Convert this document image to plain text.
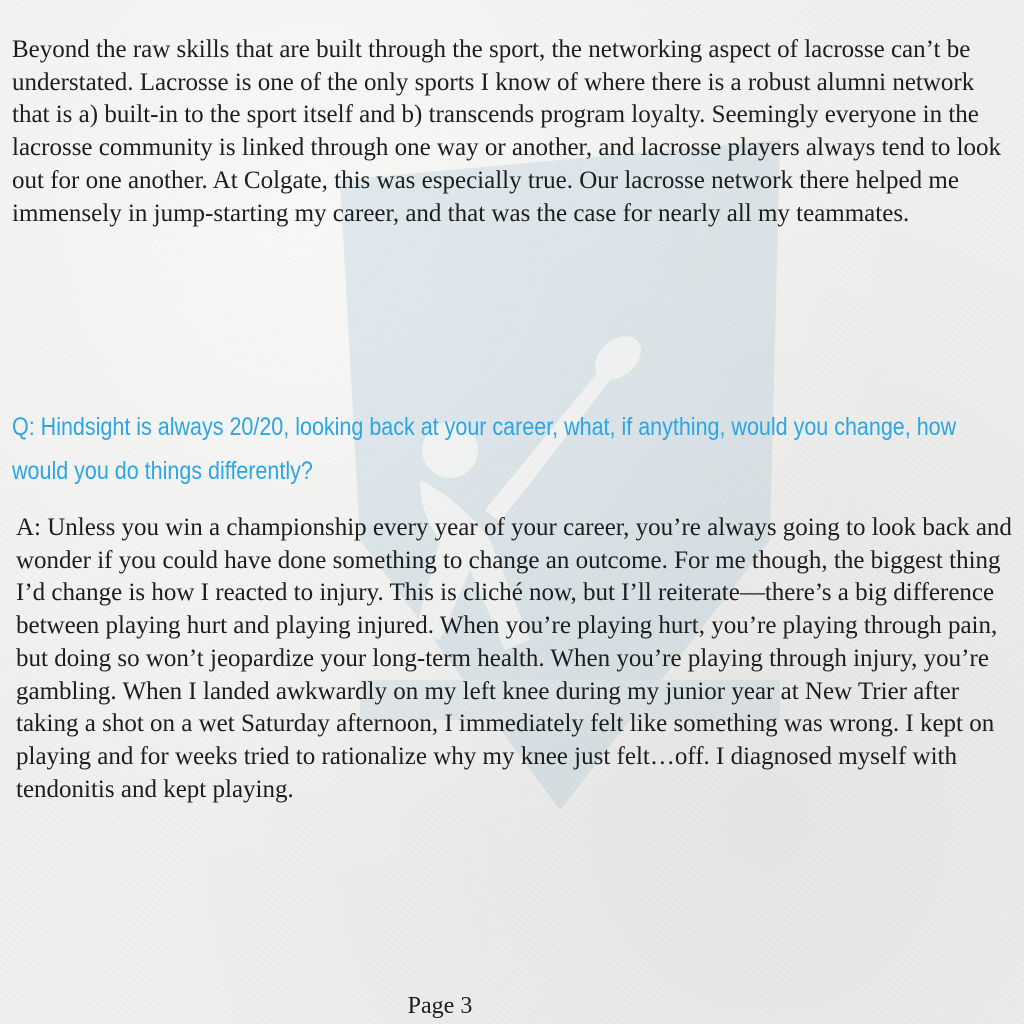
Beyond the raw skills that are built through the sport, the networking aspect of lacrosse can’t be understated. Lacrosse is one of the only sports I know of where there is a robust alumni network that is a) built-in to the sport itself and b) transcends program loyalty. Seemingly everyone in the lacrosse community is linked through one way or another, and lacrosse players always tend to look out for one another. At Colgate, this was especially true. Our lacrosse network there helped me immensely in jump-starting my career, and that was the case for nearly all my teammates.

Q: Hindsight is always 20/20, looking back at your career, what, if anything, would you change, how would you do things differently?

A: Unless you win a championship every year of your career, you’re always going to look back and wonder if you could have done something to change an outcome. For me though, the biggest thing I’d change is how I reacted to injury. This is cliché now, but I’ll reiterate—there’s a big difference between playing hurt and playing injured. When you’re playing hurt, you’re playing through pain, but doing so won’t jeopardize your long-term health. When you’re playing through injury, you’re gambling. When I landed awkwardly on my left knee during my junior year at New Trier after taking a shot on a wet Saturday afternoon, I immediately felt like something was wrong. I kept on playing and for weeks tried to rationalize why my knee just felt…off. I diagnosed myself with tendonitis and kept playing.

Page 3
